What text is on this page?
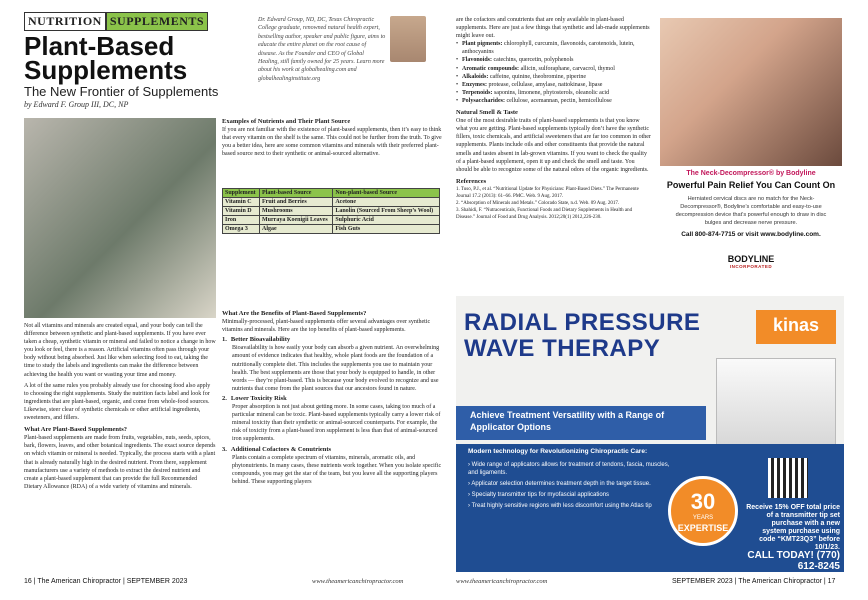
NUTRITION SUPPLEMENTS
Plant-Based Supplements
The New Frontier of Supplements
by Edward F. Group III, DC, NP
Dr. Edward Group, ND, DC, Texas Chiropractic College graduate, renowned natural health expert, bestselling author, speaker and public figure, aims to educate the entire planet on the root cause of disease. As the Founder and CEO of Global Healing, still family owned for 25 years. Learn more about his work at globalhealing.com and globalhealinginstitute.org

Not all vitamins and minerals are created equal, and your body can tell the difference between synthetic and plant-based supplements. If you have ever taken a cheap, synthetic vitamin or mineral and failed to notice a change in how you look or feel, there is a reason. Artificial vitamins often pass through your body without being absorbed. Just like when selecting food to eat, taking the time to study the labels and ingredients can make the difference between achieving the health you want or wasting your time and money.

A lot of the same rules you probably already use for choosing food also apply to choosing the right supplements. Study the nutrition facts label and look for ingredients that are plant-based, organic, and come from whole-food sources. Likewise, steer clear of synthetic chemicals or other artificial ingredients, sweeteners, and fillers.

What Are Plant-Based Supplements?

Plant-based supplements are made from fruits, vegetables, nuts, seeds, spices, bark, flowers, leaves, and other botanical ingredients. The exact source depends on which vitamin or mineral is needed. Typically, the process starts with a plant that is already naturally high in the desired nutrient. From there, supplement manufacturers use a variety of methods to extract the desired nutrient and create a plant-based supplement that can provide the full Recommended Dietary Allowance (RDA) of a wide variety of vitamins and minerals.

Examples of Nutrients and Their Plant Source

If you are not familiar with the existence of plant-based supplements, then it’s easy to think that every vitamin on the shelf is the same. This could not be further from the truth. To give you a better idea, here are some common vitamins and minerals with their preferred plant-based source next to their synthetic or animal-sourced alternative.

Supplement	Plant-based Source	Non-plant-based Source
Vitamin C	Fruit and Berries	Acetone
Vitamin D	Mushrooms	Lanolin (Sourced From Sheep’s Wool)
Iron	Murraya Koenigii Leaves	Sulphuric Acid
Omega 3	Algae	Fish Guts
What Are the Benefits of Plant-Based Supplements?

Minimally-processed, plant-based supplements offer several advantages over synthetic vitamins and minerals. Here are the top benefits of plant-based supplements.

1. Better Bioavailability

Bioavailability is how easily your body can absorb a given nutrient. An overwhelming amount of evidence indicates that healthy, whole plant foods are the foundation of a nutritionally complete diet. This includes the supplements you use to maintain your health. The best supplements are those that your body is equipped to handle, in other words — they’re plant-based. This is because your body evolved to recognize and use nutrients that come from the plant sources that our ancestors found in nature.

2. Lower Toxicity Risk

Proper absorption is not just about getting more. In some cases, taking too much of a particular mineral can be toxic. Plant-based supplements typically carry a lower risk of mineral toxicity than their synthetic or animal-sourced counterparts. For example, the risk of toxicity from a plant-based iron supplement is less than that of animal-sourced iron supplements.

3. Additional Cofactors & Conutrients

Plants contain a complete spectrum of vitamins, minerals, aromatic oils, and phytonutrients. In many cases, these nutrients work together. When you isolate specific compounds, you may get the star of the team, but you leave all the supporting players behind. These supporting players

are the cofactors and conutrients that are only available in plant-based supplements. Here are just a few things that synthetic and lab-made supplements might leave out.

• Plant pigments: chlorophyll, curcumin, flavonoids, carotenoids, lutein, anthocyanins
• Flavonoids: catechins, quercetin, polyphenols
• Aromatic compounds: allicin, sulforaphane, carvacrol, thymol
• Alkaloids: caffeine, quinine, theobromine, piperine
• Enzymes: protease, cellulase, amylase, nattokinase, lipase
• Terpenoids: saponins, limonene, phytosterols, oleanolic acid
• Polysaccharides: cellulose, acemannan, pectin, hemicellulose
Natural Smell & Taste

One of the most desirable traits of plant-based supplements is that you know what you are getting. Plant-based supplements typically don’t have the synthetic fillers, toxic chemicals, and artificial sweeteners that are far too common in other supplements. Plants include oils and other constituents that provide the natural smells and tastes absent in lab-grown vitamins. If you want to check the quality of a plant-based supplement, open it up and check the smell and taste. You should be able to recognize some of the natural odors of the organic ingredients.

References

1. Tuso, P.J., et al. “Nutritional Update for Physicians: Plant-Based Diets.” The Permanente Journal 17.2 (2013): 61–66. PMC. Web. 9 Aug. 2017.

2. “Absorption of Minerals and Metals.” Colorado State, n.d. Web. 09 Aug. 2017.

3. Shahidi, F. “Nutraceuticals, Functional Foods and Dietary Supplements in Health and Disease.” Journal of Food and Drug Analysis. 2012;20(1) 2012,226-230.

The Neck-Decompressor® by Bodyline
Powerful Pain Relief You Can Count On
Herniated cervical discs are no match for the Neck-Decompressor®, Bodyline’s comfortable and easy-to-use decompression device that’s powerful enough to draw in disc bulges and decrease nerve pressure.
Call 800-874-7715 or visit www.bodyline.com.
BODYLINE
INCORPORATED
RADIAL PRESSURE WAVE THERAPY
kinas
Achieve Treatment Versatility with a Range of Applicator Options

Modern technology for Revolutionizing Chiropractic Care:

› Wide range of applicators allows for treatment of tendons, fascia, muscles, and ligaments.

› Applicator selection determines treatment depth in the target tissue.

› Specialty transmitter tips for myofascial applications

› Treat highly sensitive regions with less discomfort using the Atlas tip	30
YEARS
EXPERTISE
Receive 15% OFF total price of a transmitter tip set purchase with a new system purchase using code “KMT23Q3” before 10/1/23.
CALL TODAY! (770) 612-8245
16 | The American Chiropractor | SEPTEMBER 2023	www.theamericanchiropractor.com	www.theamericanchiropractor.com	SEPTEMBER 2023 | The American Chiropractor | 17
